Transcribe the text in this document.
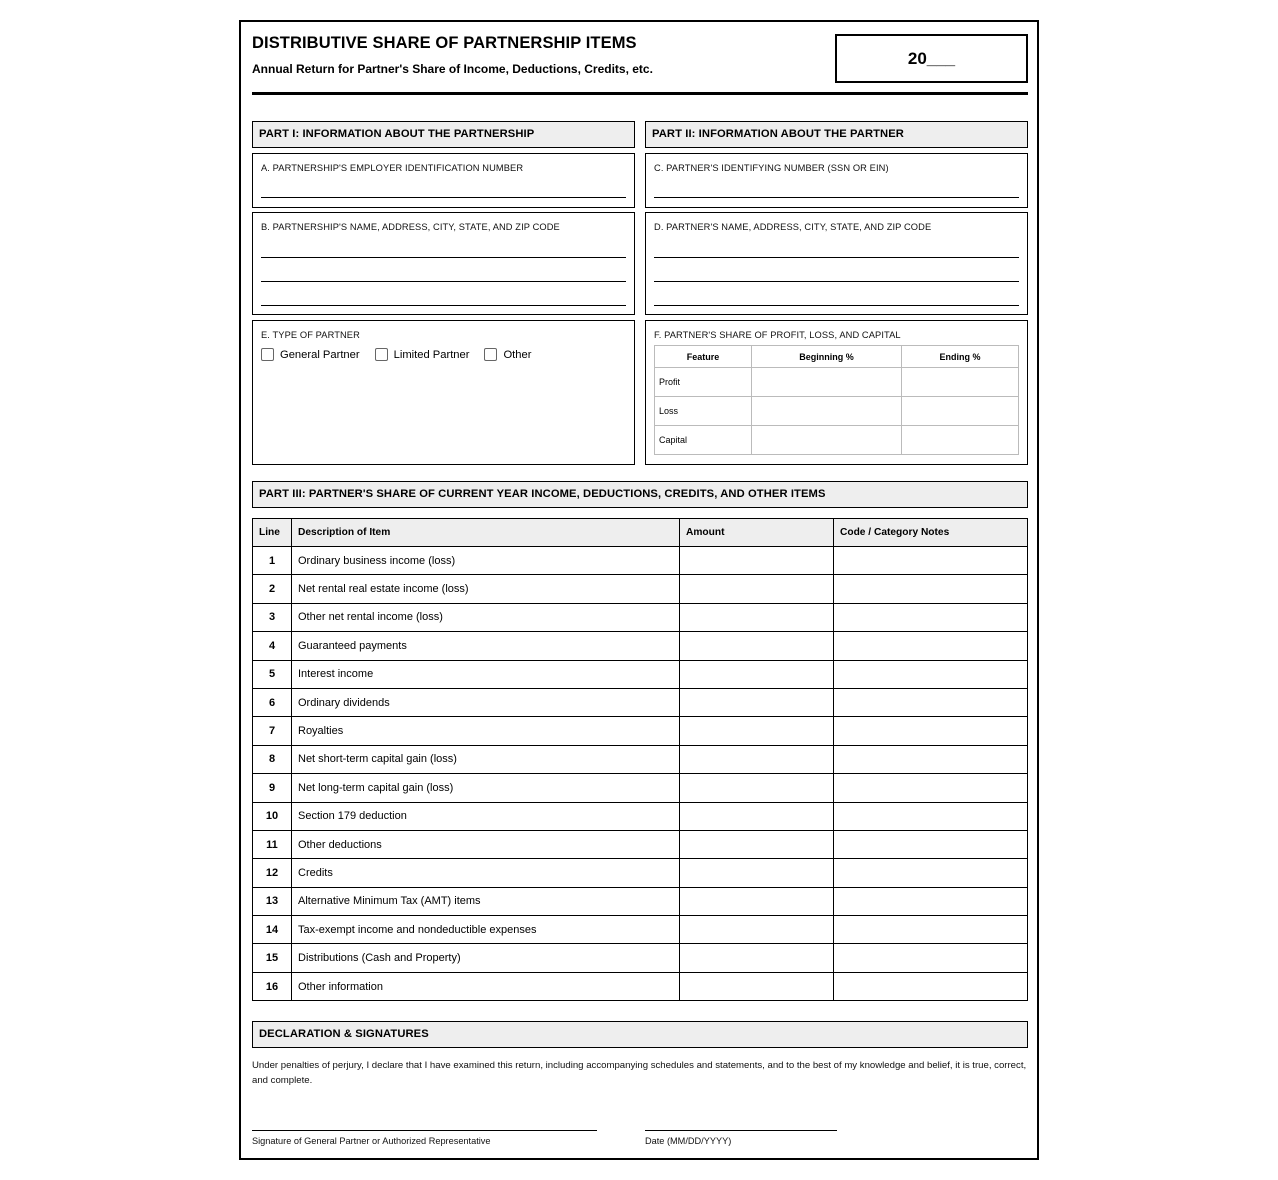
DISTRIBUTIVE SHARE OF PARTNERSHIP ITEMS
Annual Return for Partner's Share of Income, Deductions, Credits, etc.
20___
PART I: INFORMATION ABOUT THE PARTNERSHIP	PART II: INFORMATION ABOUT THE PARTNER
A. PARTNERSHIP'S EMPLOYER IDENTIFICATION NUMBER	C. PARTNER'S IDENTIFYING NUMBER (SSN OR EIN)
B. PARTNERSHIP'S NAME, ADDRESS, CITY, STATE, AND ZIP CODE	D. PARTNER'S NAME, ADDRESS, CITY, STATE, AND ZIP CODE
E. TYPE OF PARTNER
General Partner	Limited Partner	Other
F. PARTNER'S SHARE OF PROFIT, LOSS, AND CAPITAL
Feature	Beginning %	Ending %
Profit		
Loss		
Capital		
PART III: PARTNER'S SHARE OF CURRENT YEAR INCOME, DEDUCTIONS, CREDITS, AND OTHER ITEMS
Line	Description of Item	Amount	Code / Category Notes
1	Ordinary business income (loss)		
2	Net rental real estate income (loss)		
3	Other net rental income (loss)		
4	Guaranteed payments		
5	Interest income		
6	Ordinary dividends		
7	Royalties		
8	Net short-term capital gain (loss)		
9	Net long-term capital gain (loss)		
10	Section 179 deduction		
11	Other deductions		
12	Credits		
13	Alternative Minimum Tax (AMT) items		
14	Tax-exempt income and nondeductible expenses		
15	Distributions (Cash and Property)		
16	Other information		
DECLARATION & SIGNATURES
Under penalties of perjury, I declare that I have examined this return, including accompanying schedules and statements, and to the best of my knowledge and belief, it is true, correct, and complete.
Signature of General Partner or Authorized Representative	Date (MM/DD/YYYY)
